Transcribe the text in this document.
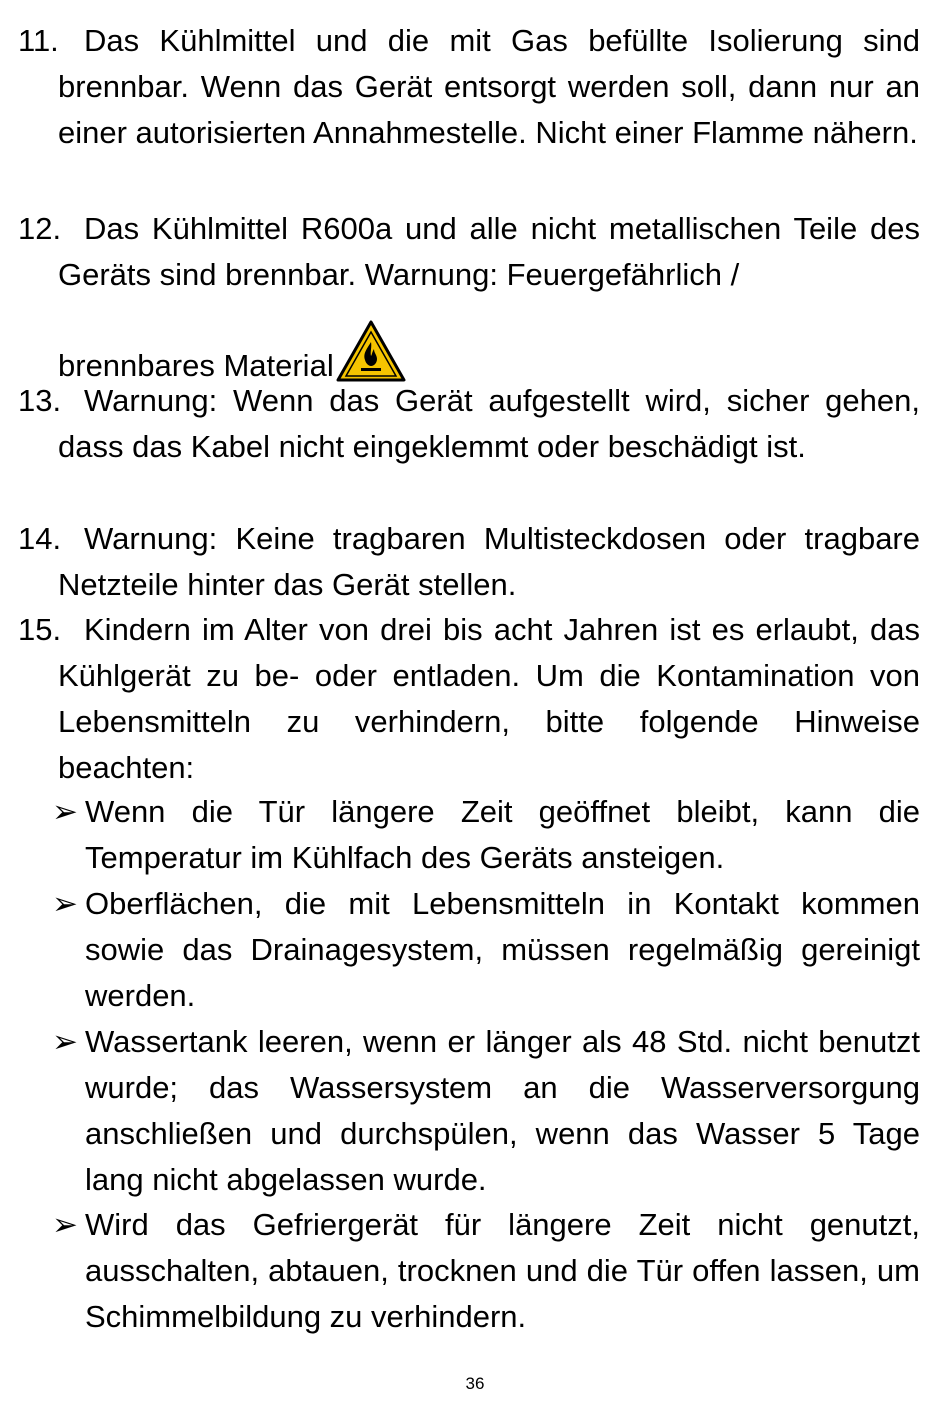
11. Das Kühlmittel und die mit Gas befüllte Isolierung sind brennbar. Wenn das Gerät entsorgt werden soll, dann nur an einer autorisierten Annahmestelle. Nicht einer Flamme nähern.
12. Das Kühlmittel R600a und alle nicht metallischen Teile des Geräts sind brennbar. Warnung: Feuergefährlich /
brennbares Material
13. Warnung: Wenn das Gerät aufgestellt wird, sicher gehen, dass das Kabel nicht eingeklemmt oder beschädigt ist.
14. Warnung: Keine tragbaren Multisteckdosen oder tragbare Netzteile hinter das Gerät stellen.
15. Kindern im Alter von drei bis acht Jahren ist es erlaubt, das Kühlgerät zu be- oder entladen. Um die Kontamination von Lebensmitteln zu verhindern, bitte folgende Hinweise beachten:
➢ Wenn die Tür längere Zeit geöffnet bleibt, kann die Temperatur im Kühlfach des Geräts ansteigen.
➢ Oberflächen, die mit Lebensmitteln in Kontakt kommen sowie das Drainagesystem, müssen regelmäßig gereinigt werden.
➢ Wassertank leeren, wenn er länger als 48 Std. nicht benutzt wurde; das Wassersystem an die Wasserversorgung anschließen und durchspülen, wenn das Wasser 5 Tage lang nicht abgelassen wurde.
➢ Wird das Gefriergerät für längere Zeit nicht genutzt, ausschalten, abtauen, trocknen und die Tür offen lassen, um Schimmelbildung zu verhindern.
36
